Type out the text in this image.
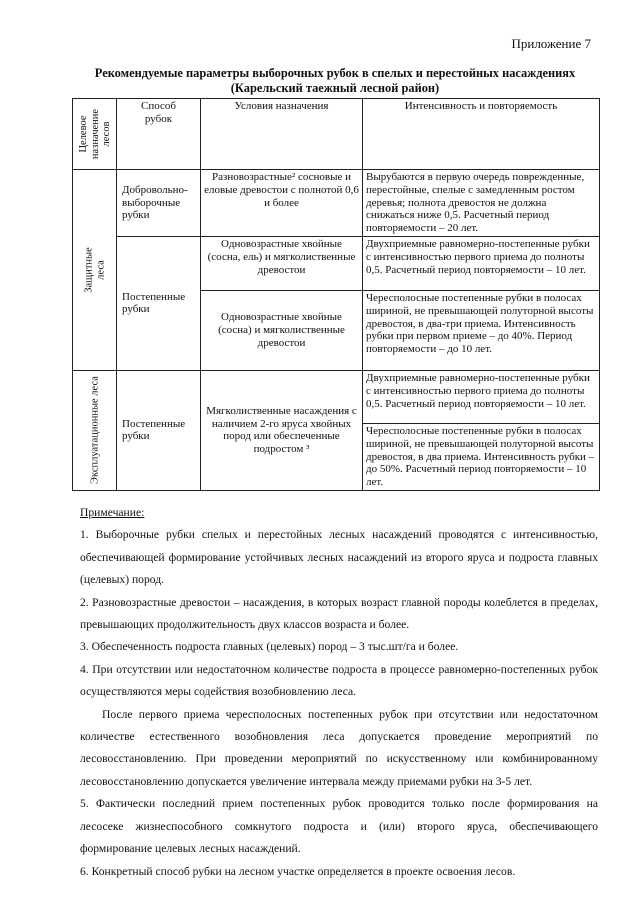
Приложение 7
Рекомендуемые параметры выборочных рубок в спелых и перестойных насаждениях
(Карельский таежный лесной район)
Целевое назначение лесов	Способ рубок	Условия назначения	Интенсивность и повторяемость

Защитные леса	Добровольно-выборочные рубки	Разновозрастные² сосновые и еловые древостои с полнотой 0,6 и более	Вырубаются в первую очередь поврежденные, перестойные, спелые с замедленным ростом деревья; полнота древостоя не должна снижаться ниже 0,5. Расчетный период повторяемости – 20 лет.
	Постепенные рубки	Одновозрастные хвойные (сосна, ель) и мягколиственные древостои	Двухприемные равномерно-постепенные рубки с интенсивностью первого приема до полноты 0,5. Расчетный период повторяемости – 10 лет.
		Одновозрастные хвойные (сосна) и мягколиственные древостои	Чересполосные постепенные рубки в полосах шириной, не превышающей полуторной высоты древостоя, в два-три приема. Интенсивность рубки при первом приеме – до 40%. Период повторяемости – до 10 лет.

Эксплуатационные леса	Постепенные рубки	Мягколиственные насаждения с наличием 2-го яруса хвойных пород или обеспеченные подростом ³	Двухприемные равномерно-постепенные рубки с интенсивностью первого приема до полноты 0,5. Расчетный период повторяемости – 10 лет.
			Чересполосные постепенные рубки в полосах шириной, не превышающей полуторной высоты древостоя, в два приема. Интенсивность рубки – до 50%. Расчетный период повторяемости – 10 лет.

Примечание:

1. Выборочные рубки спелых и перестойных лесных насаждений проводятся с интенсивностью, обеспечивающей формирование устойчивых лесных насаждений из второго яруса и подроста главных (целевых) пород.

2. Разновозрастные древостои – насаждения, в которых возраст главной породы колеблется в пределах, превышающих продолжительность двух классов возраста и более.

3. Обеспеченность подроста главных (целевых) пород – 3 тыс.шт/га и более.

4. При отсутствии или недостаточном количестве подроста в процессе равномерно-постепенных рубок осуществляются меры содействия возобновлению леса.

После первого приема чересполосных постепенных рубок при отсутствии или недостаточном количестве естественного возобновления леса допускается проведение мероприятий по лесовосстановлению. При проведении мероприятий по искусственному или комбинированному лесовосстановлению допускается увеличение интервала между приемами рубки на 3-5 лет.

5. Фактически последний прием постепенных рубок проводится только после формирования на лесосеке жизнеспособного сомкнутого подроста и (или) второго яруса, обеспечивающего формирование целевых лесных насаждений.

6. Конкретный способ рубки на лесном участке определяется в проекте освоения лесов.
